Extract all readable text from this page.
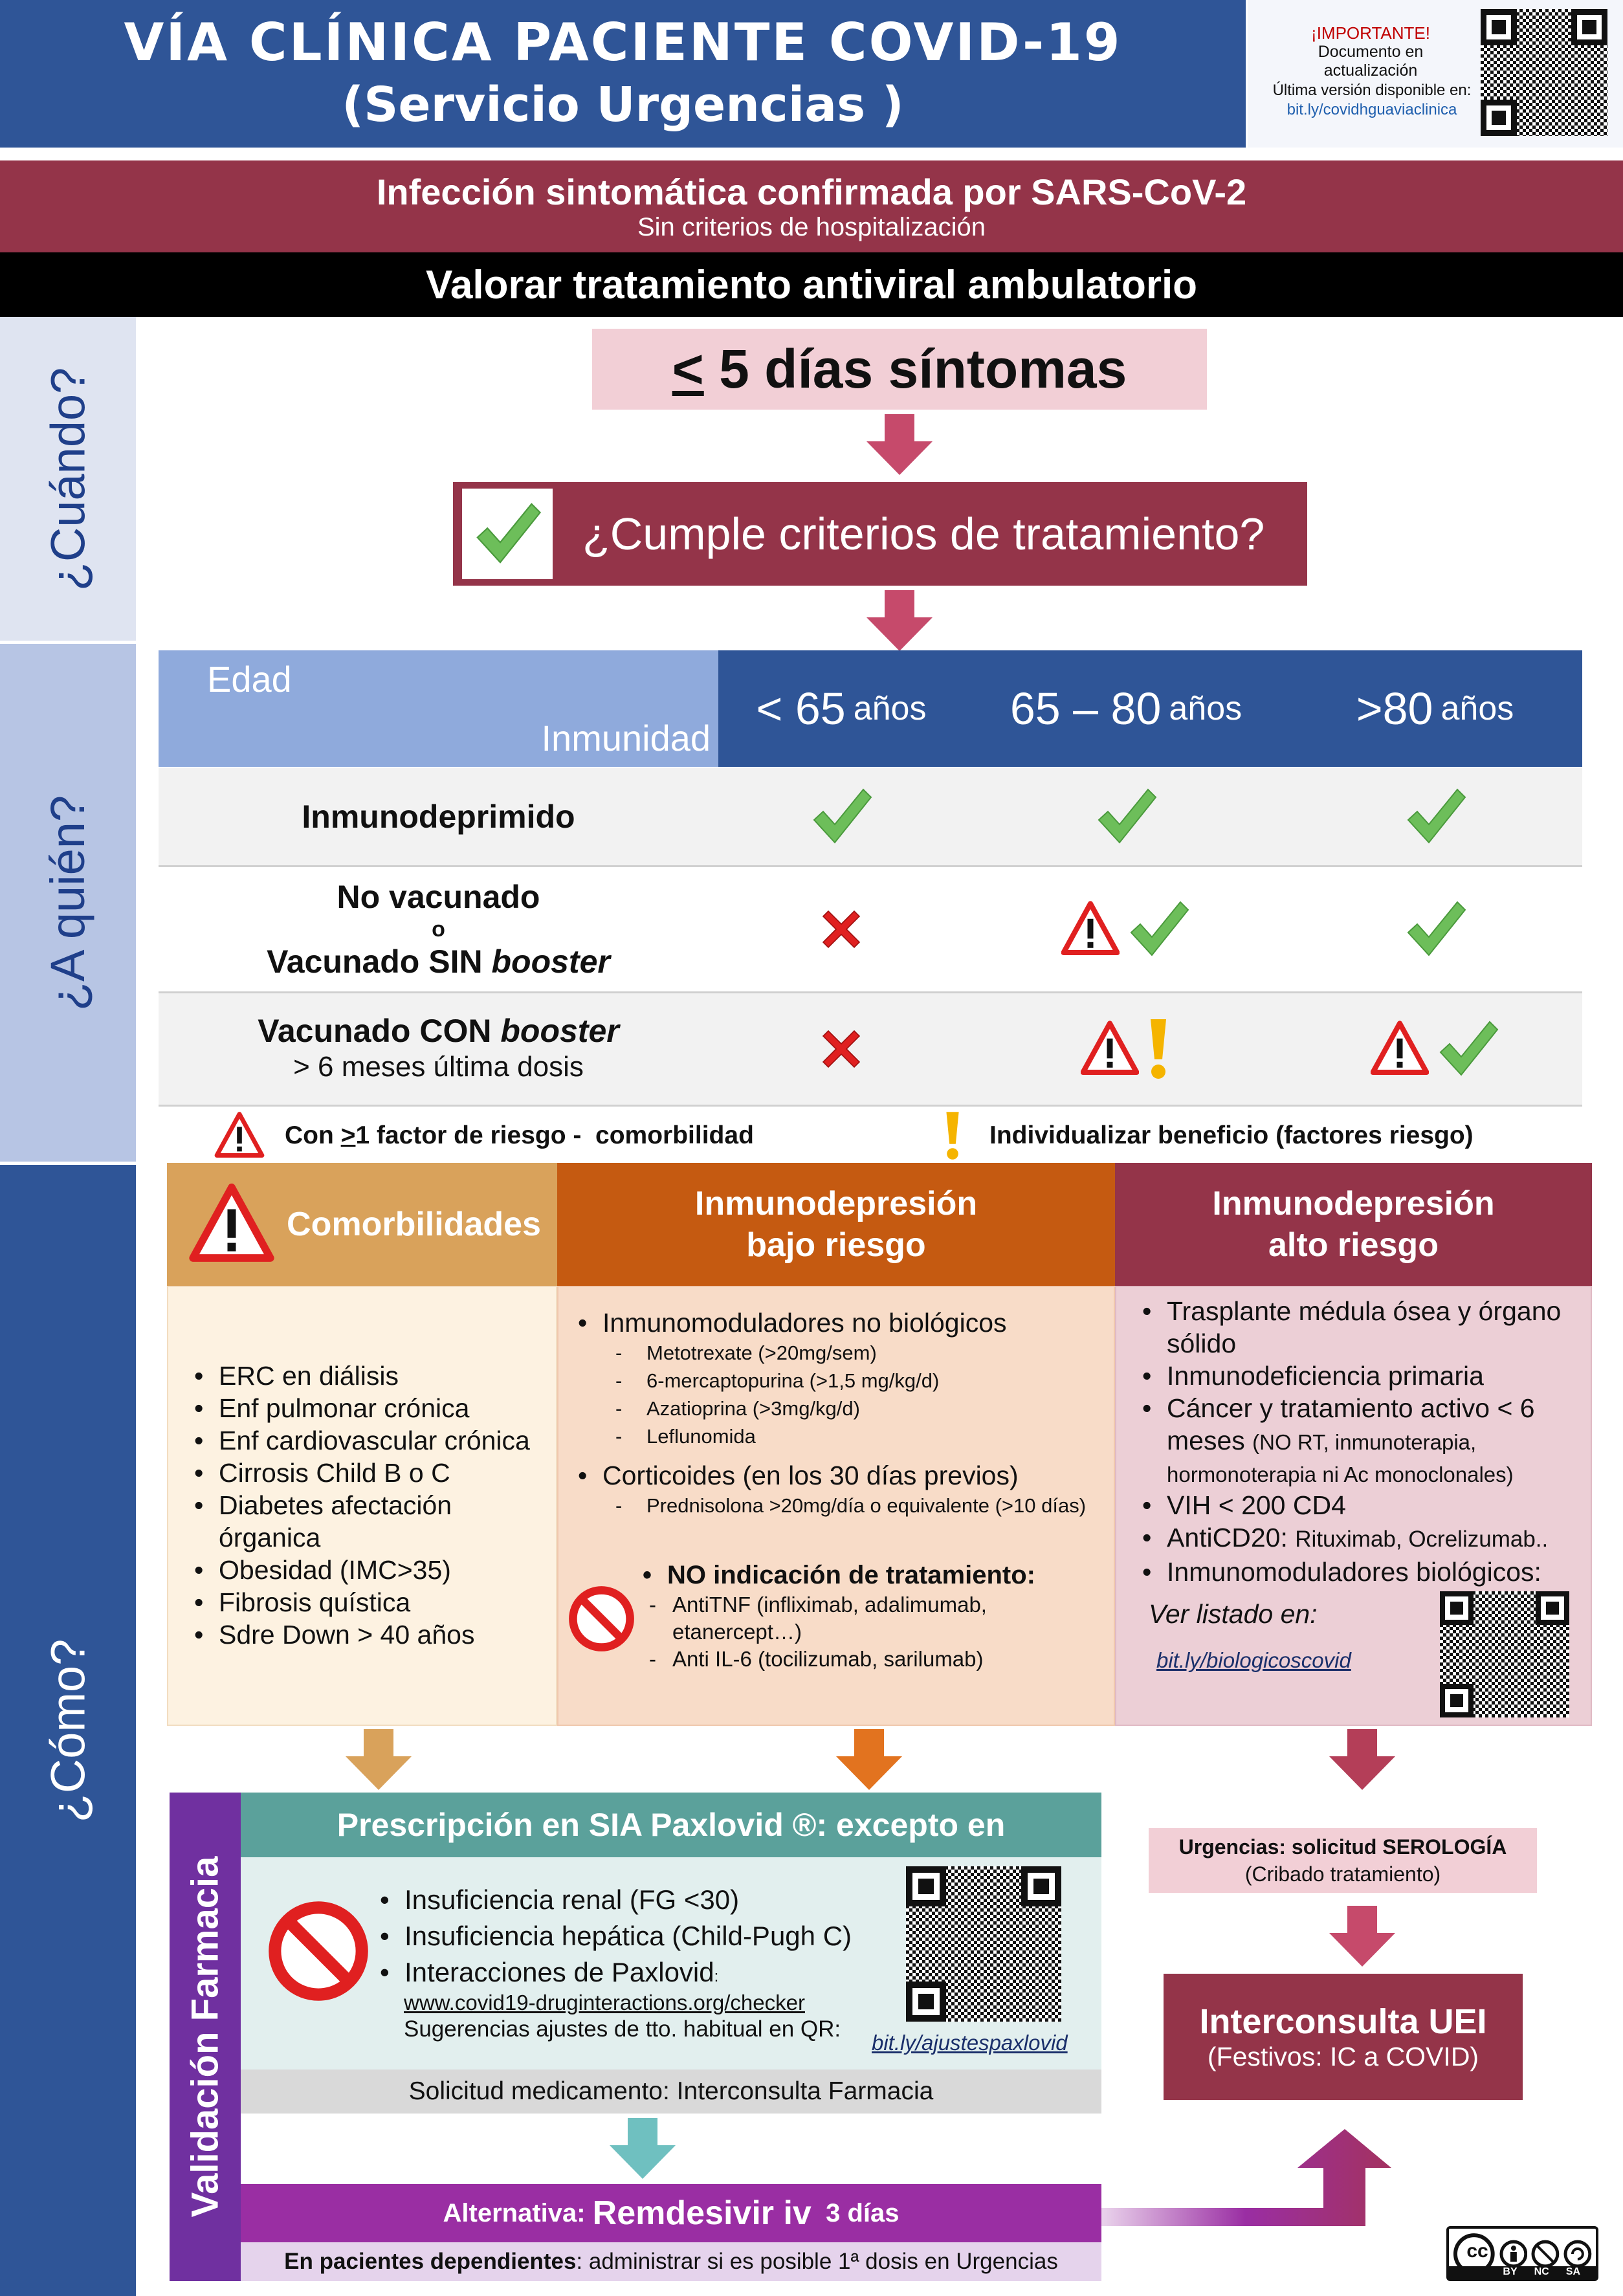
VÍA CLÍNICA PACIENTE COVID-19
(Servicio Urgencias )
¡IMPORTANTE!
Documento en actualización
Última versión disponible en:
bit.ly/covidhguaviaclinica
Infección sintomática confirmada por SARS-CoV-2
Sin criterios de hospitalización
Valorar tratamiento antiviral ambulatorio
¿Cuándo?
¿A quién?
¿Cómo?
≤ 5 días síntomas
¿Cumple criterios de tratamiento?
Edad
Inmunidad
< 65 años 65 – 80 años	>80 años
Inmunodeprimido
No vacunado
o
Vacunado SIN booster
Vacunado CON booster
> 6 meses última dosis
Con > 1 factor de riesgo -  comorbilidad	Individualizar beneficio (factores riesgo)
Comorbilidades
Inmunodepresión
bajo riesgo
Inmunodepresión
alto riesgo
• ERC en diálisis
• Enf pulmonar crónica
• Enf cardiovascular crónica
• Cirrosis Child B o C
• Diabetes afectación órganica
• Obesidad (IMC>35)
• Fibrosis quística
• Sdre Down > 40 años
• Inmunomoduladores no biológicos
- Metotrexate (>20mg/sem)
- 6-mercaptopurina (>1,5 mg/kg/d)
- Azatioprina (>3mg/kg/d)
- Leflunomida
• Corticoides (en los 30 días previos)
- Prednisolona >20mg/día o equivalente (>10 días)
• NO indicación de tratamiento:
- AntiTNF (infliximab, adalimumab, etanercept…)
- Anti IL-6 (tocilizumab, sarilumab)
• Trasplante médula ósea y órgano sólido
• Inmunodeficiencia primaria
• Cáncer y tratamiento activo < 6 meses (NO RT, inmunoterapia, hormonoterapia ni Ac monoclonales)
• VIH < 200 CD4
• AntiCD20: Rituximab, Ocrelizumab..
• Inmunomoduladores biológicos:
Ver listado en:
bit.ly/biologicoscovid
Validación Farmacia
Prescripción en SIA Paxlovid ®: excepto en
• Insuficiencia renal (FG <30)
• Insuficiencia hepática (Child-Pugh C)
• Interacciones de Paxlovid:
www.covid19-druginteractions.org/checker
Sugerencias ajustes de tto. habitual en QR:
bit.ly/ajustespaxlovid
Solicitud medicamento: Interconsulta Farmacia
Alternativa: Remdesivir iv 3 días
En pacientes dependientes : administrar si es posible 1ª dosis en Urgencias
Urgencias: solicitud SEROLOGÍA
(Cribado tratamiento)
Interconsulta UEI
(Festivos: IC a COVID)
cc
BY NC SA
